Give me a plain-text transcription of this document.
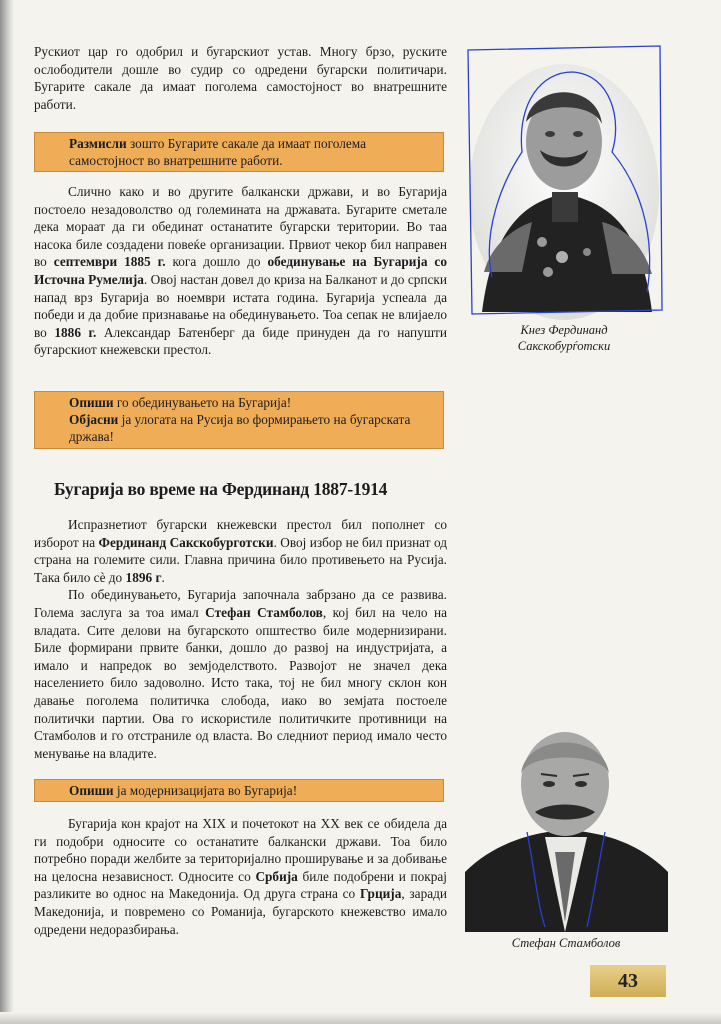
Рускиот цар го одобрил и бугарскиот устав. Многу брзо, руските ослободители дошле во судир со одредени бугарски политичари. Бугарите сакале да имаат поголема самостојност во внатрешните работи.

Размисли зошто Бугарите сакале да имаат поголема самостојност во внатрешните работи.

Слично како и во другите балкански држави, и во Бугарија постоело незадоволство од големината на државата. Бугарите сметале дека мораат да ги обединат останатите бугарски територии. Во таа насока биле создадени повеќе организации. Првиот чекор бил направен во септември 1885 г. кога дошло до обединување на Бугарија со Источна Румелија. Овој настан довел до криза на Балканот и до српски напад врз Бугарија во ноември истата година. Бугарија успеала да победи и да добие признавање на обединувањето. Тоа сепак не влијаело во 1886 г. Александар Батенберг да биде принуден да го напушти бугарскиот кнежевски престол.

Опиши го обединувањето на Бугарија!
Објасни ја улогата на Русија во формирањето на бугарската држава!
Бугарија во време на Фердинанд 1887-1914

Испразнетиот бугарски кнежевски престол бил пополнет со изборот на Фердинанд Сакскобурготски. Овој избор не бил признат од страна на големите сили. Главна причина било противењето на Русија. Така било сè до 1896 г.

По обединувањето, Бугарија започнала забрзано да се развива. Голема заслуга за тоа имал Стефан Стамболов, кој бил на чело на владата. Сите делови на бугарското општество биле модернизирани. Биле формирани првите банки, дошло до развој на индустријата, а имало и напредок во земјоделството. Развојот не значел дека населението било задоволно. Исто така, тој не бил многу склон кон давање поголема политичка слобода, иако во земјата постоеле политички партии. Ова го искористиле политичките противници на Стамболов и го отстраниле од власта. Во следниот период имало често менување на владите.

Опиши ја модернизацијата во Бугарија!

Бугарија кон крајот на XIX и почетокот на XX век се обидела да ги подобри односите со останатите балкански држави. Тоа било потребно поради желбите за територијално проширување и за добивање на целосна независност. Односите со Србија биле подобрени и покрај разликите во однос на Македонија. Од друга страна со Грција, заради Македонија, и повремено со Романија, бугарското кнежевство имало одредени недоразбирања.

Кнез Фердинанд
Сакскобурѓотски
Стефан Стамболов
43
